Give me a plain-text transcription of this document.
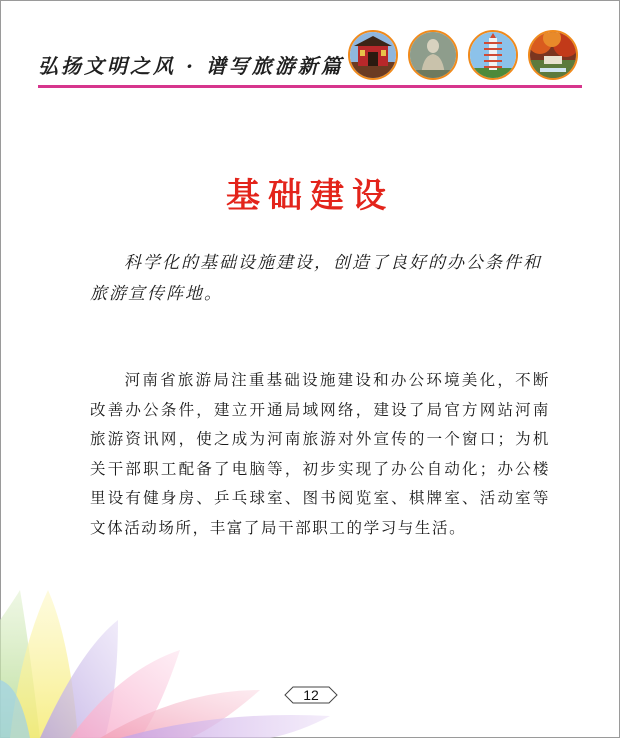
弘扬文明之风 · 谱写旅游新篇
基础建设
科学化的基础设施建设，创造了良好的办公条件和旅游宣传阵地。
河南省旅游局注重基础设施建设和办公环境美化，不断改善办公条件，建立开通局域网络，建设了局官方网站河南旅游资讯网，使之成为河南旅游对外宣传的一个窗口；为机关干部职工配备了电脑等，初步实现了办公自动化；办公楼里设有健身房、乒乓球室、图书阅览室、棋牌室、活动室等文体活动场所，丰富了局干部职工的学习与生活。
12
